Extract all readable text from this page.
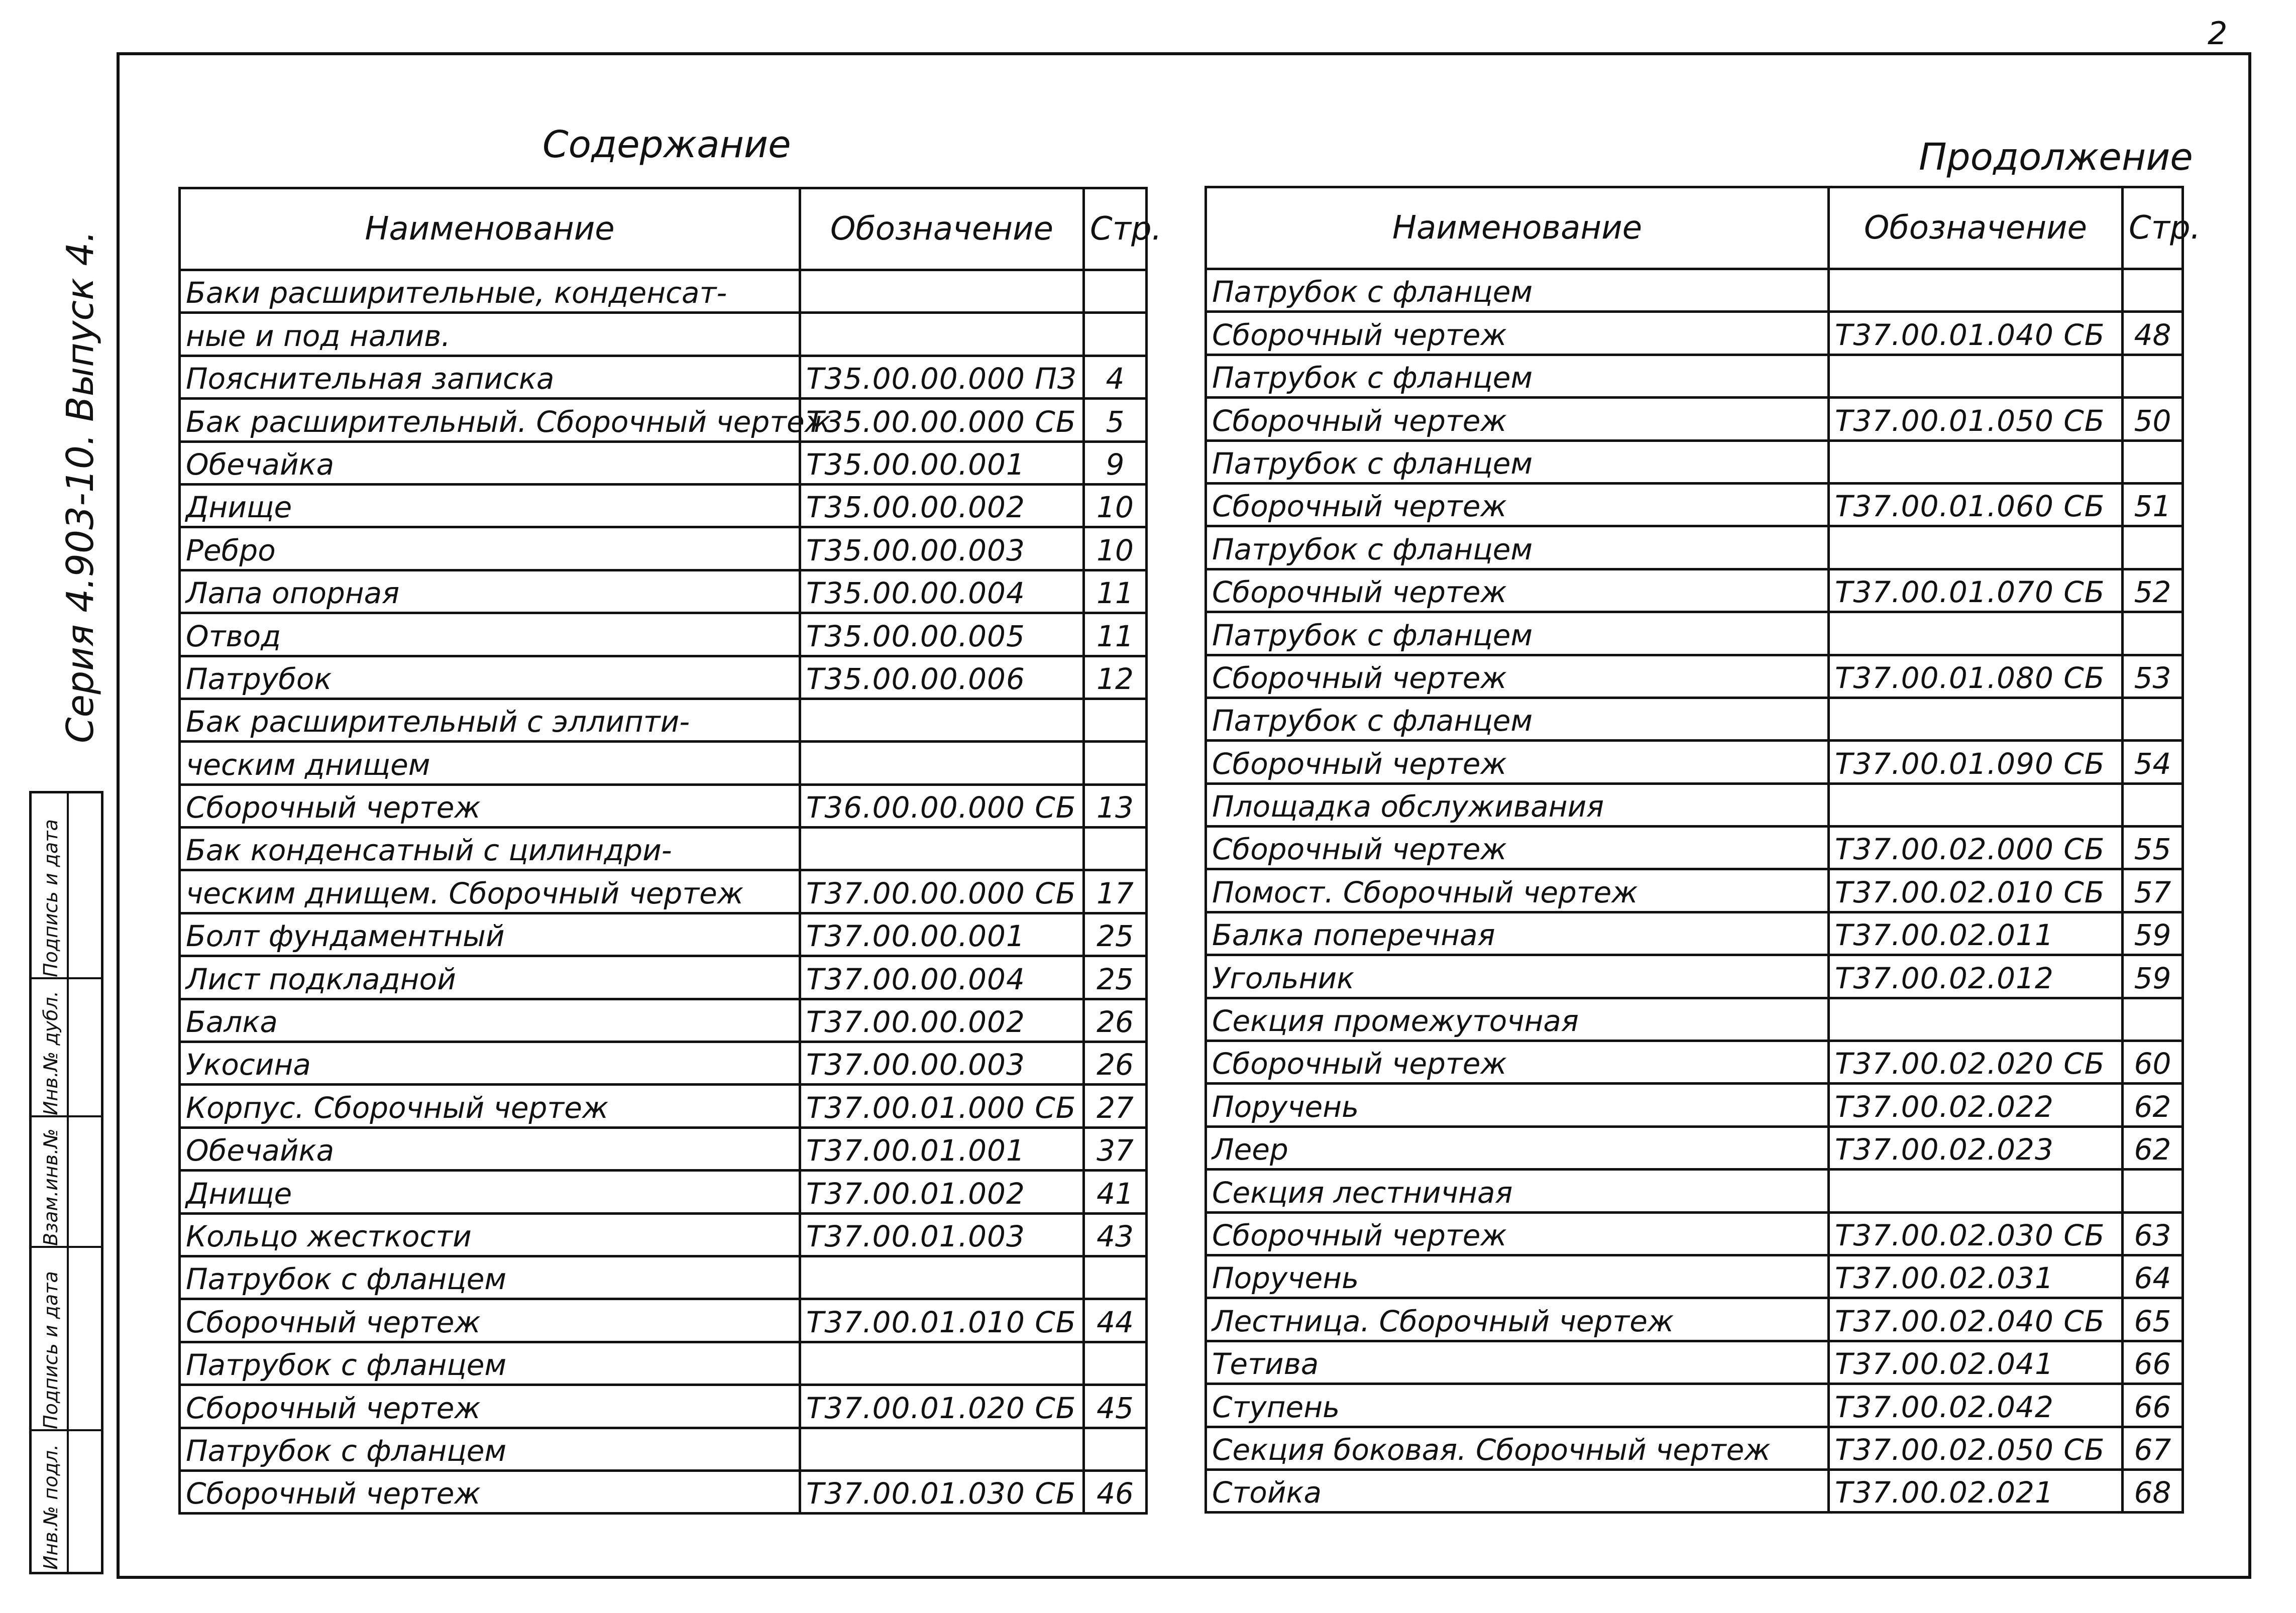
2
Серия 4.903-10. Выпуск 4.
Подпись и дата
Инв.№ дубл.
Взам.инв.№
Подпись и дата
Инв.№ подл.
Содержание	Продолжение
Наименование	Обозначение	Стр.
Баки расширительные, конденсат-		
ные и под налив.		
Пояснительная записка	Т35.00.00.000 ПЗ	4
Бак расширительный. Сборочный чертеж	Т35.00.00.000 СБ	5
Обечайка	Т35.00.00.001	9
Днище	Т35.00.00.002	10
Ребро	Т35.00.00.003	10
Лапа опорная	Т35.00.00.004	11
Отвод	Т35.00.00.005	11
Патрубок	Т35.00.00.006	12
Бак расширительный с эллипти-		
ческим днищем		
Сборочный чертеж	Т36.00.00.000 СБ	13
Бак конденсатный с цилиндри-		
ческим днищем. Сборочный чертеж	Т37.00.00.000 СБ	17
Болт фундаментный	Т37.00.00.001	25
Лист подкладной	Т37.00.00.004	25
Балка	Т37.00.00.002	26
Укосина	Т37.00.00.003	26
Корпус. Сборочный чертеж	Т37.00.01.000 СБ	27
Обечайка	Т37.00.01.001	37
Днище	Т37.00.01.002	41
Кольцо жесткости	Т37.00.01.003	43
Патрубок с фланцем		
Сборочный чертеж	Т37.00.01.010 СБ	44
Патрубок с фланцем		
Сборочный чертеж	Т37.00.01.020 СБ	45
Патрубок с фланцем		
Сборочный чертеж	Т37.00.01.030 СБ	46
Наименование	Обозначение	Стр.
Патрубок с фланцем		
Сборочный чертеж	Т37.00.01.040 СБ	48
Патрубок с фланцем		
Сборочный чертеж	Т37.00.01.050 СБ	50
Патрубок с фланцем		
Сборочный чертеж	Т37.00.01.060 СБ	51
Патрубок с фланцем		
Сборочный чертеж	Т37.00.01.070 СБ	52
Патрубок с фланцем		
Сборочный чертеж	Т37.00.01.080 СБ	53
Патрубок с фланцем		
Сборочный чертеж	Т37.00.01.090 СБ	54
Площадка обслуживания		
Сборочный чертеж	Т37.00.02.000 СБ	55
Помост. Сборочный чертеж	Т37.00.02.010 СБ	57
Балка поперечная	Т37.00.02.011	59
Угольник	Т37.00.02.012	59
Секция промежуточная		
Сборочный чертеж	Т37.00.02.020 СБ	60
Поручень	Т37.00.02.022	62
Леер	Т37.00.02.023	62
Секция лестничная		
Сборочный чертеж	Т37.00.02.030 СБ	63
Поручень	Т37.00.02.031	64
Лестница. Сборочный чертеж	Т37.00.02.040 СБ	65
Тетива	Т37.00.02.041	66
Ступень	Т37.00.02.042	66
Секция боковая. Сборочный чертеж	Т37.00.02.050 СБ	67
Стойка	Т37.00.02.021	68
